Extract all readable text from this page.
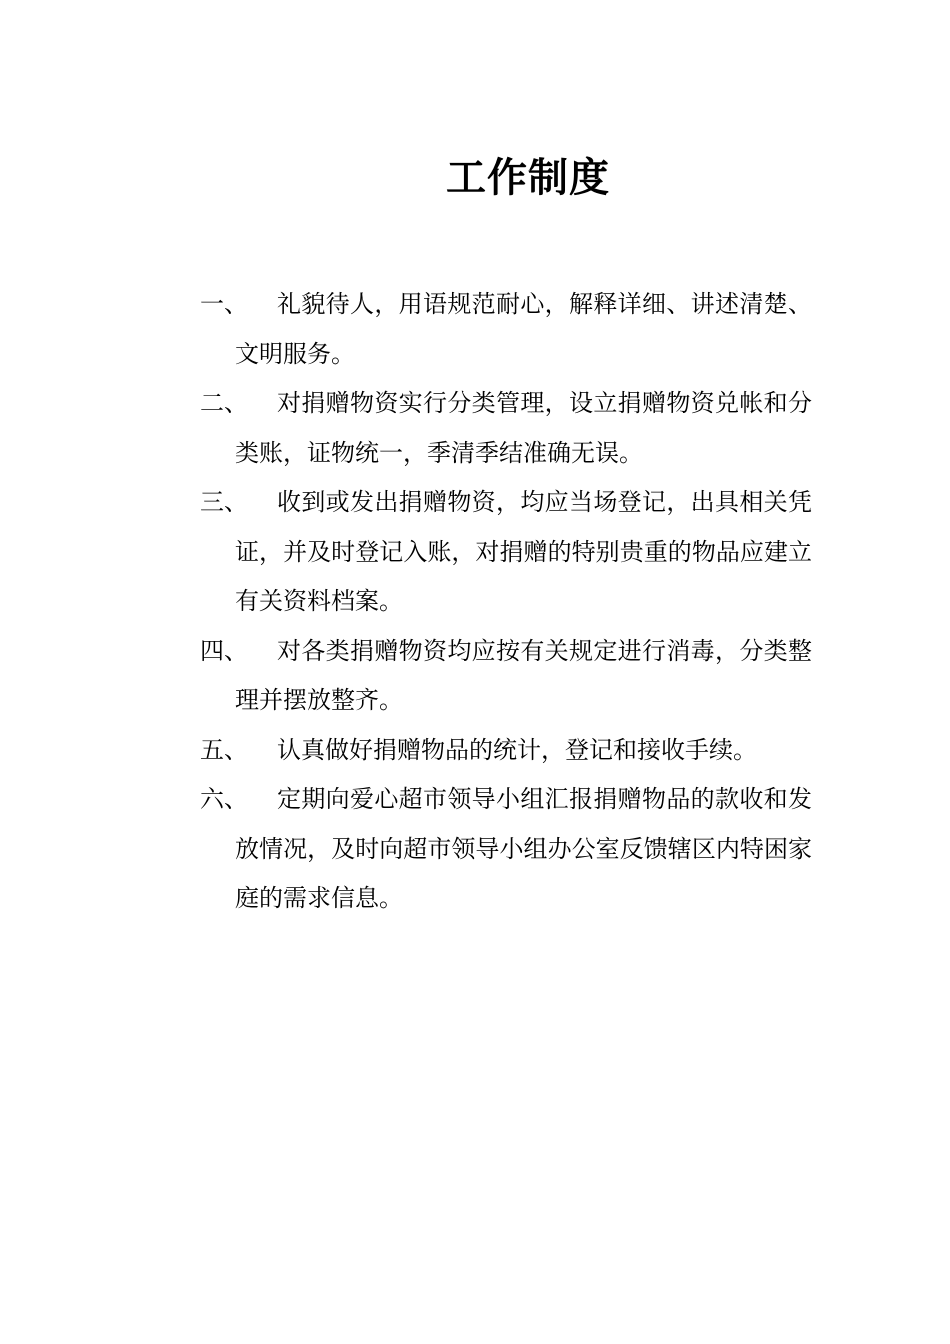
工作制度
一、	礼貌待人，用语规范耐心，解释详细、讲述清楚、文明服务。
二、	对捐赠物资实行分类管理，设立捐赠物资兑帐和分类账，证物统一，季清季结准确无误。
三、	收到或发出捐赠物资，均应当场登记，出具相关凭证，并及时登记入账，对捐赠的特别贵重的物品应建立有关资料档案。
四、	对各类捐赠物资均应按有关规定进行消毒，分类整理并摆放整齐。
五、	认真做好捐赠物品的统计，登记和接收手续。
六、	定期向爱心超市领导小组汇报捐赠物品的款收和发放情况，及时向超市领导小组办公室反馈辖区内特困家庭的需求信息。
